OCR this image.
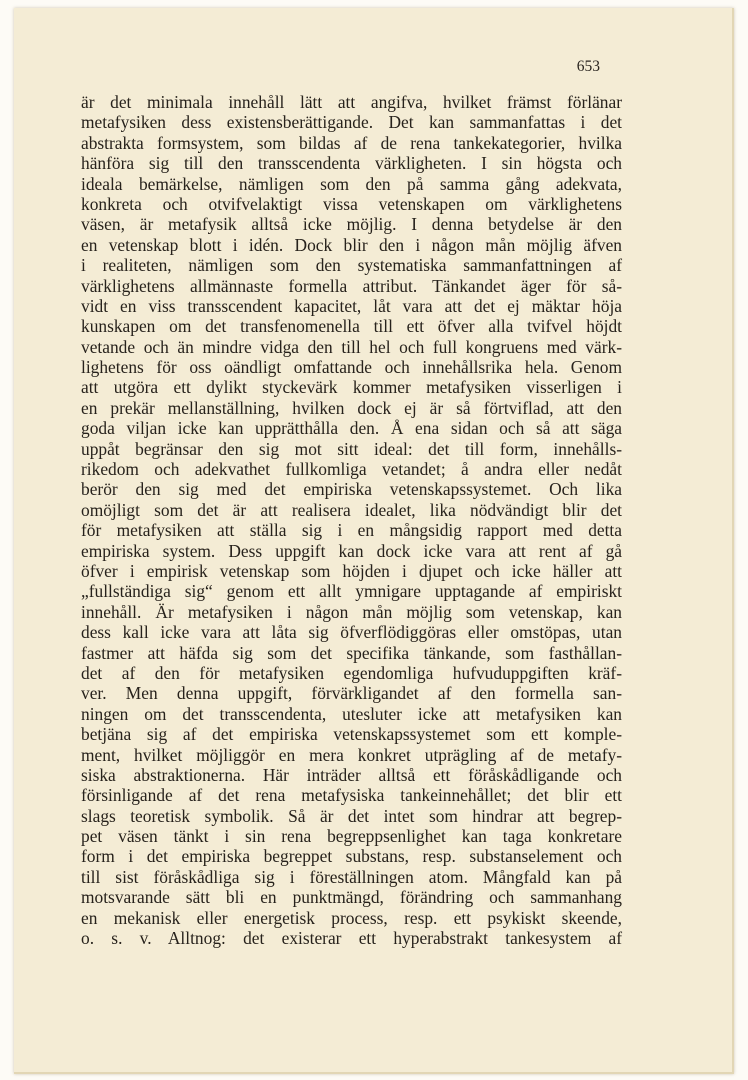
653
är det minimala innehåll lätt att angifva, hvilket främst förlänar
metafysiken dess existensberättigande. Det kan sammanfattas i det
abstrakta formsystem, som bildas af de rena tankekategorier, hvilka
hänföra sig till den transscendenta värkligheten. I sin högsta och
ideala bemärkelse, nämligen som den på samma gång adekvata,
konkreta och otvifvelaktigt vissa vetenskapen om värklighetens
väsen, är metafysik alltså icke möjlig. I denna betydelse är den
en vetenskap blott i idén. Dock blir den i någon mån möjlig äfven
i realiteten, nämligen som den systematiska sammanfattningen af
värklighetens allmännaste formella attribut. Tänkandet äger för så-
vidt en viss transscendent kapacitet, låt vara att det ej mäktar höja
kunskapen om det transfenomenella till ett öfver alla tvifvel höjdt
vetande och än mindre vidga den till hel och full kongruens med värk-
lighetens för oss oändligt omfattande och innehållsrika hela. Genom
att utgöra ett dylikt styckevärk kommer metafysiken visserligen i
en prekär mellanställning, hvilken dock ej är så förtviflad, att den
goda viljan icke kan upprätthålla den. Å ena sidan och så att säga
uppåt begränsar den sig mot sitt ideal: det till form, innehålls-
rikedom och adekvathet fullkomliga vetandet; å andra eller nedåt
berör den sig med det empiriska vetenskapssystemet. Och lika
omöjligt som det är att realisera idealet, lika nödvändigt blir det
för metafysiken att ställa sig i en mångsidig rapport med detta
empiriska system. Dess uppgift kan dock icke vara att rent af gå
öfver i empirisk vetenskap som höjden i djupet och icke häller att
„fullständiga sig“ genom ett allt ymnigare upptagande af empiriskt
innehåll. Är metafysiken i någon mån möjlig som vetenskap, kan
dess kall icke vara att låta sig öfverflödiggöras eller omstöpas, utan
fastmer att häfda sig som det specifika tänkande, som fasthållan-
det af den för metafysiken egendomliga hufvuduppgiften kräf-
ver. Men denna uppgift, förvärkligandet af den formella san-
ningen om det transscendenta, utesluter icke att metafysiken kan
betjäna sig af det empiriska vetenskapssystemet som ett komple-
ment, hvilket möjliggör en mera konkret utprägling af de metafy-
siska abstraktionerna. Här inträder alltså ett föråskådligande och
försinligande af det rena metafysiska tankeinnehållet; det blir ett
slags teoretisk symbolik. Så är det intet som hindrar att begrep-
pet väsen tänkt i sin rena begreppsenlighet kan taga konkretare
form i det empiriska begreppet substans, resp. substanselement och
till sist föråskådliga sig i föreställningen atom. Mångfald kan på
motsvarande sätt bli en punktmängd, förändring och sammanhang
en mekanisk eller energetisk process, resp. ett psykiskt skeende,
o. s. v. Alltnog: det existerar ett hyperabstrakt tankesystem af
